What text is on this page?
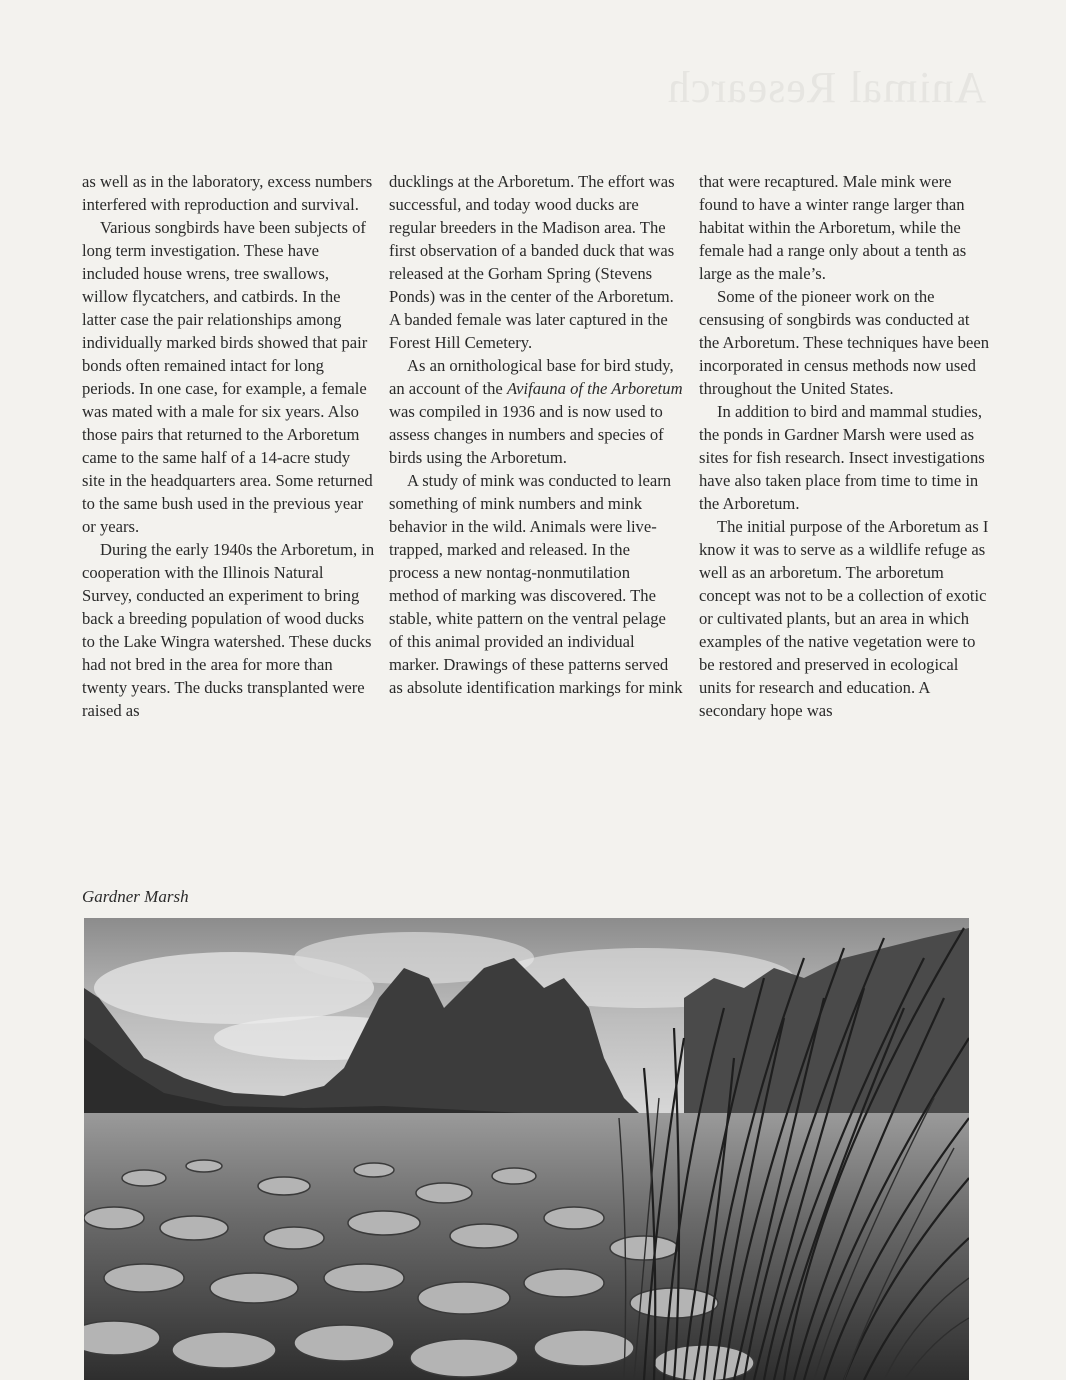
Animal Research

as well as in the laboratory, excess numbers interfered with reproduction and survival.

Various songbirds have been subjects of long term investigation. These have included house wrens, tree swallows, willow flycatchers, and catbirds. In the latter case the pair relationships among individually marked birds showed that pair bonds often remained intact for long periods. In one case, for example, a female was mated with a male for six years. Also those pairs that returned to the Arboretum came to the same half of a 14-acre study site in the headquarters area. Some returned to the same bush used in the previous year or years.

During the early 1940s the Arboretum, in cooperation with the Illinois Natural Survey, conducted an experiment to bring back a breeding population of wood ducks to the Lake Wingra watershed. These ducks had not bred in the area for more than twenty years. The ducks transplanted were raised as

ducklings at the Arboretum. The effort was successful, and today wood ducks are regular breeders in the Madison area. The first observation of a banded duck that was released at the Gorham Spring (Stevens Ponds) was in the center of the Arboretum. A banded female was later captured in the Forest Hill Cemetery.

As an ornithological base for bird study, an account of the Avifauna of the Arboretum was compiled in 1936 and is now used to assess changes in numbers and species of birds using the Arboretum.

A study of mink was conducted to learn something of mink numbers and mink behavior in the wild. Animals were live-trapped, marked and released. In the process a new nontag-nonmutilation method of marking was discovered. The stable, white pattern on the ventral pelage of this animal provided an individual marker. Drawings of these patterns served as absolute identification markings for mink

that were recaptured. Male mink were found to have a winter range larger than habitat within the Arboretum, while the female had a range only about a tenth as large as the male’s.

Some of the pioneer work on the censusing of songbirds was conducted at the Arboretum. These techniques have been incorporated in census methods now used throughout the United States.

In addition to bird and mammal studies, the ponds in Gardner Marsh were used as sites for fish research. Insect investigations have also taken place from time to time in the Arboretum.

The initial purpose of the Arboretum as I know it was to serve as a wildlife refuge as well as an arboretum. The arboretum concept was not to be a collection of exotic or cultivated plants, but an area in which examples of the native vegetation were to be restored and preserved in ecological units for research and education. A secondary hope was

Gardner Marsh
